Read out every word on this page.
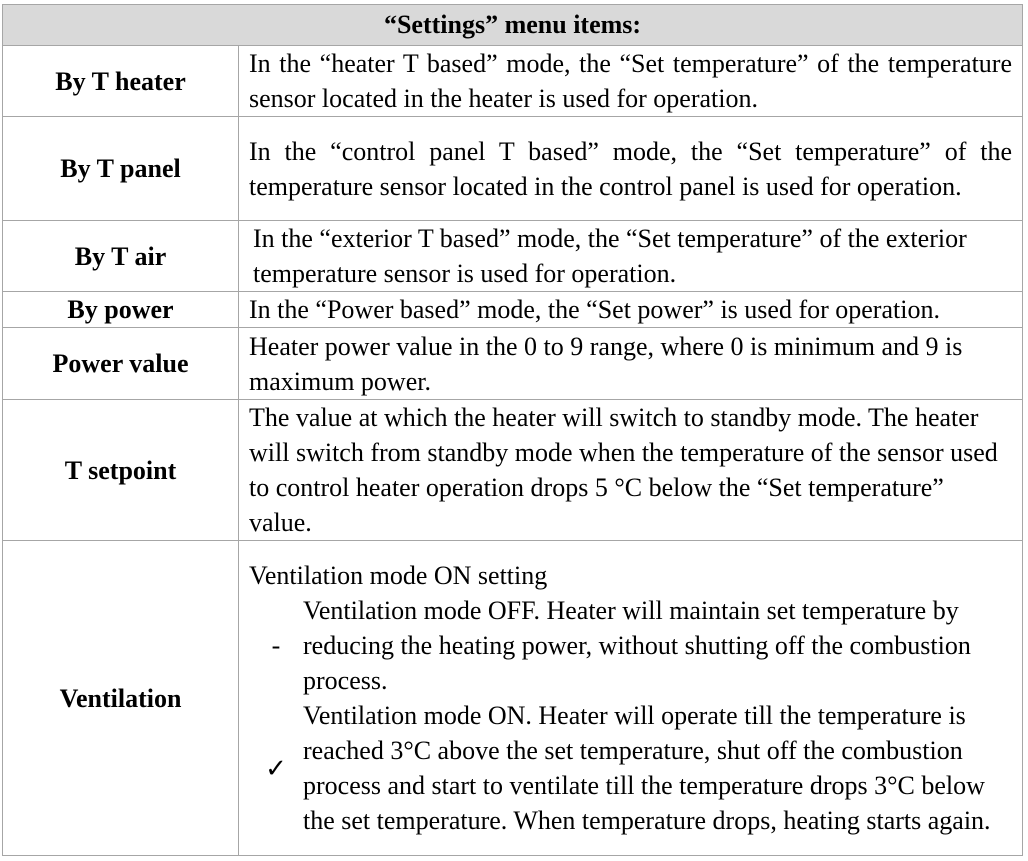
“Settings” menu items:	
By T heater	In the “heater T based” mode, the “Set temperature” of the temperature sensor located in the heater is used for operation.
By T panel	In the “control panel T based” mode, the “Set temperature” of the temperature sensor located in the control panel is used for operation.
By T air	In the “exterior T based” mode, the “Set temperature” of the exterior temperature sensor is used for operation.
By power	In the “Power based” mode, the “Set power” is used for operation.
Power value	Heater power value in the 0 to 9 range, where 0 is minimum and 9 is maximum power.
T setpoint	The value at which the heater will switch to standby mode. The heater will switch from standby mode when the temperature of the sensor used to control heater operation drops 5 °C below the “Set temperature” value.
Ventilation	Ventilation mode ON setting
-
Ventilation mode OFF. Heater will maintain set temperature by reducing the heating power, without shutting off the combustion process.
✓
Ventilation mode ON. Heater will operate till the temperature is reached 3°C above the set temperature, shut off the combustion process and start to ventilate till the temperature drops 3°C below the set temperature. When temperature drops, heating starts again.
